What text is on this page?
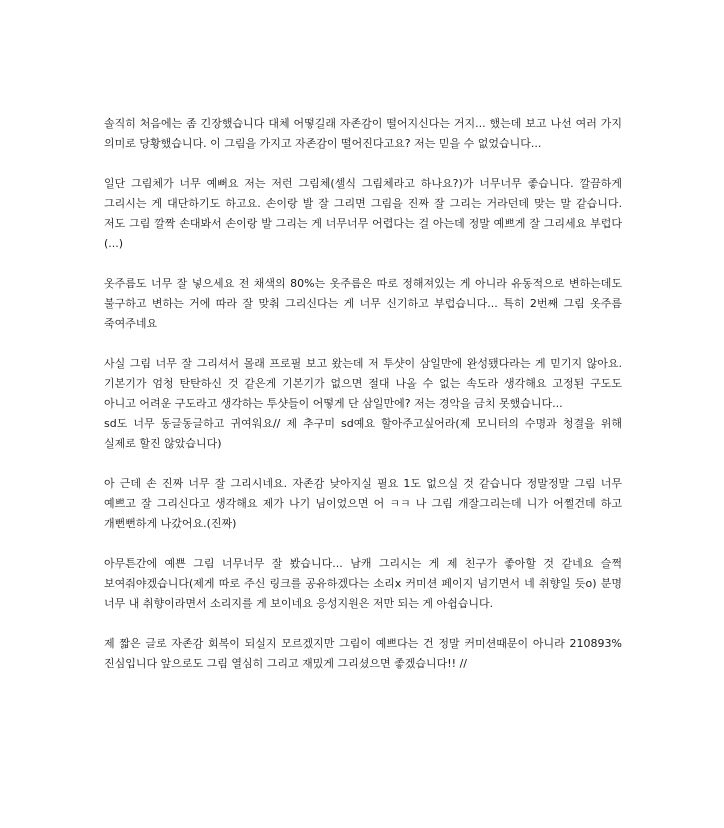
솔직히 처음에는 좀 긴장했습니다 대체 어떻길래 자존감이 떨어지신다는 거지... 했는데 보고 나선 여러 가지 의미로 당황했습니다. 이 그림을 가지고 자존감이 떨어진다고요? 저는 믿을 수 없었습니다...

일단 그림체가 너무 예뻐요 저는 저런 그림체(셀식 그림체라고 하나요?)가 너무너무 좋습니다. 깔끔하게 그리시는 게 대단하기도 하고요. 손이랑 발 잘 그리면 그림을 진짜 잘 그리는 거라던데 맞는 말 같습니다. 저도 그림 깔짝 손대봐서 손이랑 발 그리는 게 너무너무 어렵다는 걸 아는데 정말 예쁘게 잘 그리세요 부럽다(...)

옷주름도 너무 잘 넣으세요 전 채색의 80%는 옷주름은 따로 정해져있는 게 아니라 유동적으로 변하는데도 불구하고 변하는 거에 따라 잘 맞춰 그리신다는 게 너무 신기하고 부럽습니다... 특히 2번째 그림 옷주름 죽여주네요

사실 그림 너무 잘 그리셔서 몰래 프로필 보고 왔는데 저 투샷이 삼일만에 완성됐다라는 게 믿기지 않아요. 기본기가 엄청 탄탄하신 것 같은게 기본기가 없으면 절대 나올 수 없는 속도라 생각해요 고정된 구도도 아니고 어려운 구도라고 생각하는 투샷들이 어떻게 단 삼일만에? 저는 경악을 금치 못했습니다...

sd도 너무 동글동글하고 귀여워요// 제 추구미 sd예요 할아주고싶어라(제 모니터의 수명과 청결을 위해 실제로 할진 않았습니다)

아 근데 손 진짜 너무 잘 그리시네요. 자존감 낮아지실 필요 1도 없으실 것 같습니다 정말정말 그림 너무 예쁘고 잘 그리신다고 생각해요 제가 나기 님이었으면 어 ㅋㅋ 나 그림 개잘그리는데 니가 어쩔건데 하고 개뻔뻔하게 나갔어요.(진짜)

아무튼간에 예쁜 그림 너무너무 잘 봤습니다... 남캐 그리시는 게 제 친구가 좋아할 것 같네요 슬쩍 보여줘야겠습니다(제게 따로 주신 링크를 공유하겠다는 소리x 커미션 페이지 넘기면서 네 취향일 듯o) 분명 너무 내 취향이라면서 소리지를 게 보이네요 응성지원은 저만 되는 게 아쉽습니다.

제 짧은 글로 자존감 회복이 되실지 모르겠지만 그림이 예쁘다는 건 정말 커미션때문이 아니라 210893% 진심입니다 앞으로도 그림 열심히 그리고 재밌게 그리셨으면 좋겠습니다!! //
